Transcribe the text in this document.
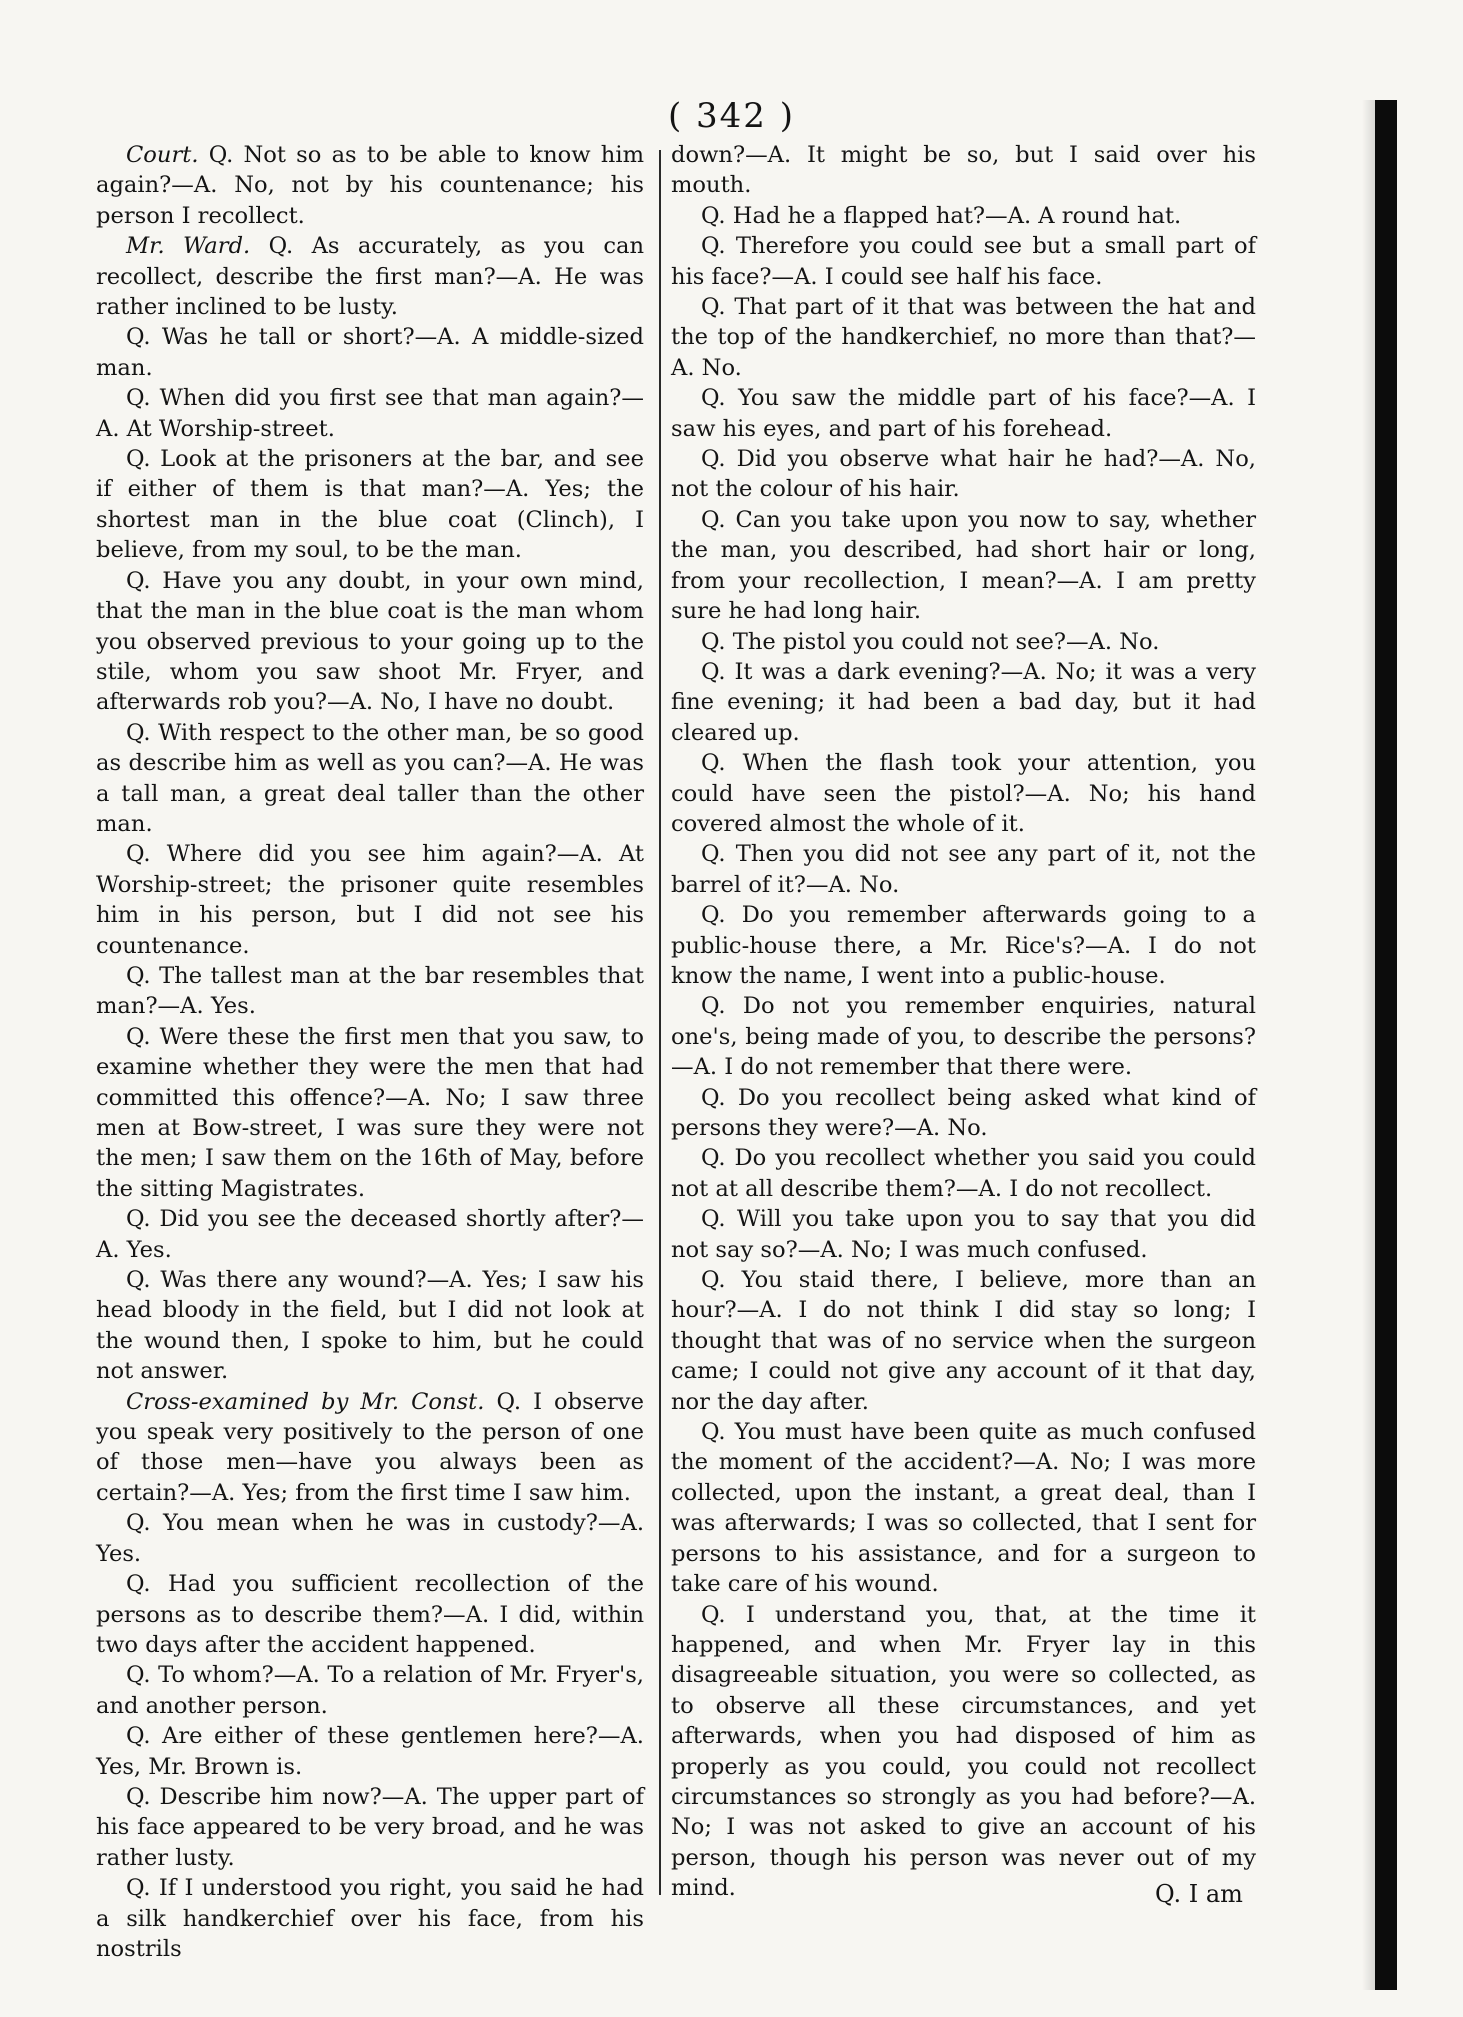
( 342 )

Court. Q. Not so as to be able to know him again?—A. No, not by his countenance; his person I recollect.

Mr. Ward. Q. As accurately, as you can recollect, describe the first man?—A. He was rather inclined to be lusty.

Q. Was he tall or short?—A. A middle-sized man.

Q. When did you first see that man again?—A. At Worship-street.

Q. Look at the prisoners at the bar, and see if either of them is that man?—A. Yes; the shortest man in the blue coat (Clinch), I believe, from my soul, to be the man.

Q. Have you any doubt, in your own mind, that the man in the blue coat is the man whom you observed previous to your going up to the stile, whom you saw shoot Mr. Fryer, and afterwards rob you?—A. No, I have no doubt.

Q. With respect to the other man, be so good as describe him as well as you can?—A. He was a tall man, a great deal taller than the other man.

Q. Where did you see him again?—A. At Worship-street; the prisoner quite resembles him in his person, but I did not see his countenance.

Q. The tallest man at the bar resembles that man?—A. Yes.

Q. Were these the first men that you saw, to examine whether they were the men that had committed this offence?—A. No; I saw three men at Bow-street, I was sure they were not the men; I saw them on the 16th of May, before the sitting Magistrates.

Q. Did you see the deceased shortly after?—A. Yes.

Q. Was there any wound?—A. Yes; I saw his head bloody in the field, but I did not look at the wound then, I spoke to him, but he could not answer.

Cross-examined by Mr. Const. Q. I observe you speak very positively to the person of one of those men—have you always been as certain?—A. Yes; from the first time I saw him.

Q. You mean when he was in custody?—A. Yes.

Q. Had you sufficient recollection of the persons as to describe them?—A. I did, within two days after the accident happened.

Q. To whom?—A. To a relation of Mr. Fryer's, and another person.

Q. Are either of these gentlemen here?—A. Yes, Mr. Brown is.

Q. Describe him now?—A. The upper part of his face appeared to be very broad, and he was rather lusty.

Q. If I understood you right, you said he had a silk handkerchief over his face, from his nostrils

down?—A. It might be so, but I said over his mouth.

Q. Had he a flapped hat?—A. A round hat.

Q. Therefore you could see but a small part of his face?—A. I could see half his face.

Q. That part of it that was between the hat and the top of the handkerchief, no more than that?—A. No.

Q. You saw the middle part of his face?—A. I saw his eyes, and part of his forehead.

Q. Did you observe what hair he had?—A. No, not the colour of his hair.

Q. Can you take upon you now to say, whether the man, you described, had short hair or long, from your recollection, I mean?—A. I am pretty sure he had long hair.

Q. The pistol you could not see?—A. No.

Q. It was a dark evening?—A. No; it was a very fine evening; it had been a bad day, but it had cleared up.

Q. When the flash took your attention, you could have seen the pistol?—A. No; his hand covered almost the whole of it.

Q. Then you did not see any part of it, not the barrel of it?—A. No.

Q. Do you remember afterwards going to a public-house there, a Mr. Rice's?—A. I do not know the name, I went into a public-house.

Q. Do not you remember enquiries, natural one's, being made of you, to describe the persons?—A. I do not remember that there were.

Q. Do you recollect being asked what kind of persons they were?—A. No.

Q. Do you recollect whether you said you could not at all describe them?—A. I do not recollect.

Q. Will you take upon you to say that you did not say so?—A. No; I was much confused.

Q. You staid there, I believe, more than an hour?—A. I do not think I did stay so long; I thought that was of no service when the surgeon came; I could not give any account of it that day, nor the day after.

Q. You must have been quite as much confused the moment of the accident?—A. No; I was more collected, upon the instant, a great deal, than I was afterwards; I was so collected, that I sent for persons to his assistance, and for a surgeon to take care of his wound.

Q. I understand you, that, at the time it happened, and when Mr. Fryer lay in this disagreeable situation, you were so collected, as to observe all these circumstances, and yet afterwards, when you had disposed of him as properly as you could, you could not recollect circumstances so strongly as you had before?—A. No; I was not asked to give an account of his person, though his person was never out of my mind.	Q. I am
